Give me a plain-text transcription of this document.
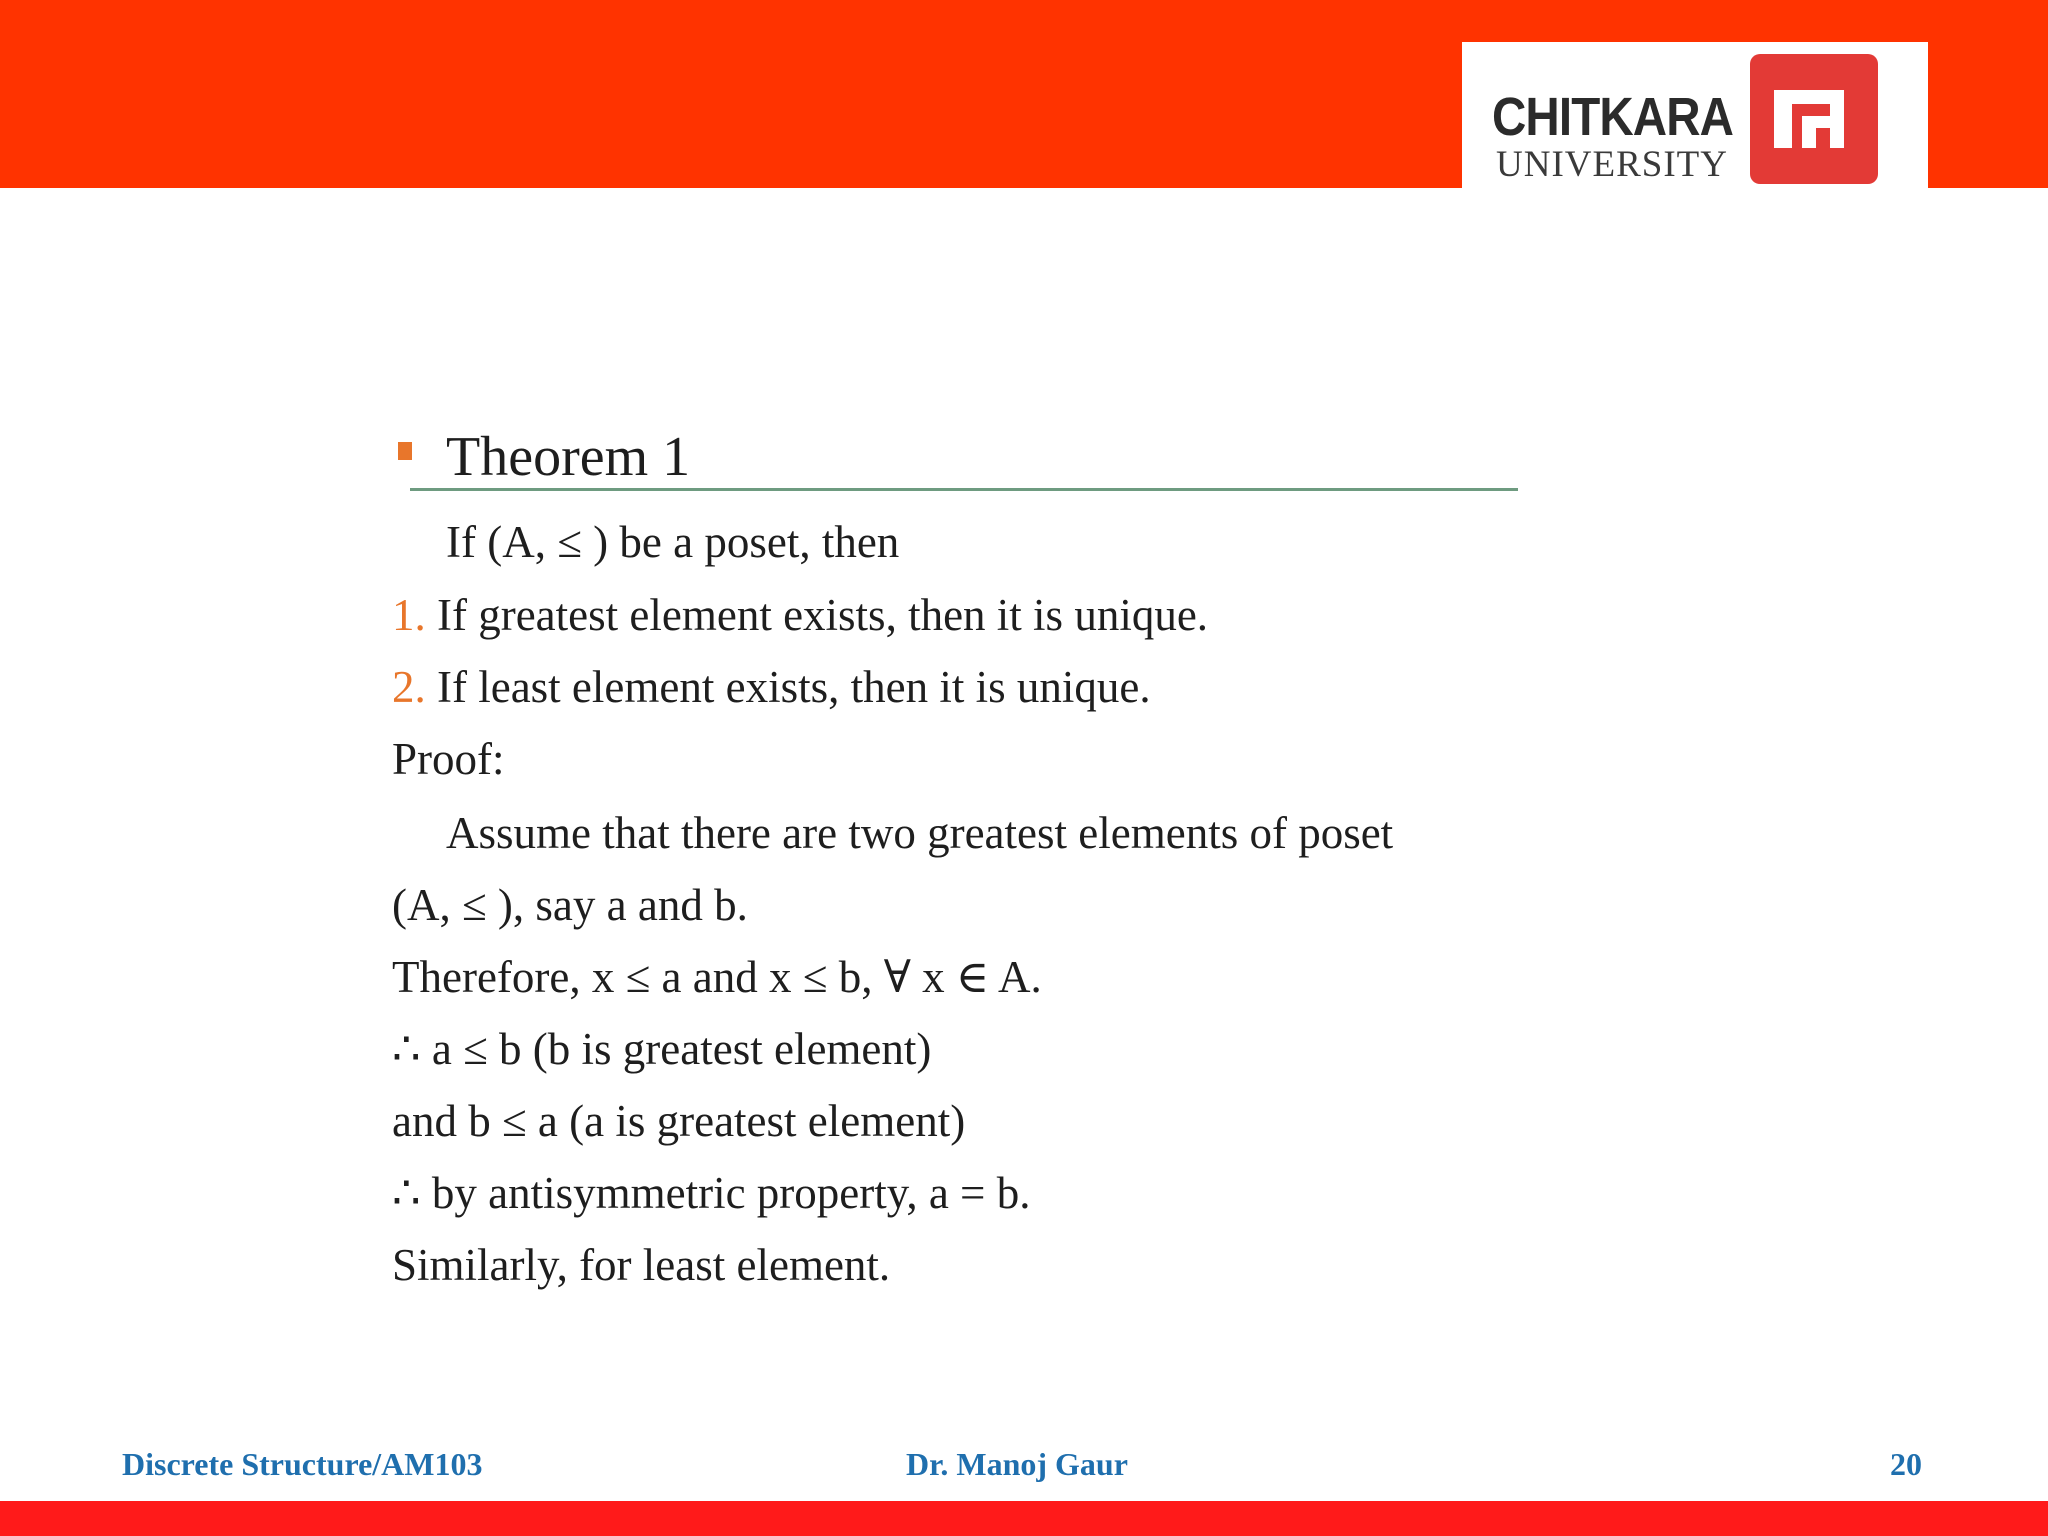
CHITKARA
UNIVERSITY
Theorem 1
If (A, ≤ ) be a poset, then
1. If greatest element exists, then it is unique.
2. If least element exists, then it is unique.
Proof:
Assume that there are two greatest elements of poset
(A, ≤ ), say a and b.
Therefore, x ≤ a and x ≤ b, ∀ x ∈ A.
∴ a ≤ b (b is greatest element)
and b ≤ a (a is greatest element)
∴ by antisymmetric property, a = b.
Similarly, for least element.
Discrete Structure/AM103	Dr. Manoj Gaur	20
